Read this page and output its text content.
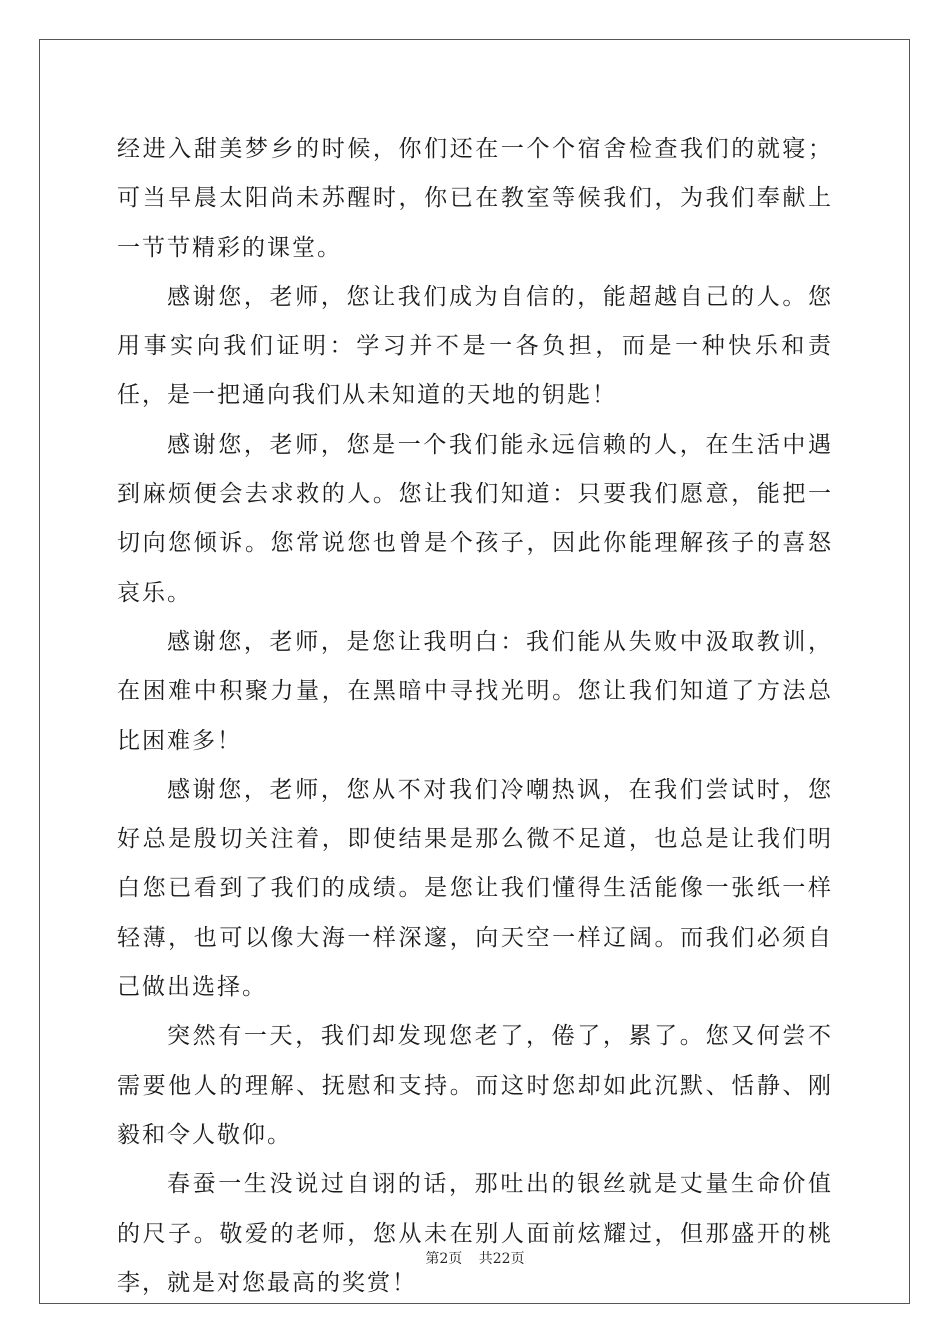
经进入甜美梦乡的时候，你们还在一个个宿舍检查我们的就寝；可当早晨太阳尚未苏醒时，你已在教室等候我们，为我们奉献上一节节精彩的课堂。

感谢您，老师，您让我们成为自信的，能超越自己的人。您用事实向我们证明：学习并不是一各负担，而是一种快乐和责任，是一把通向我们从未知道的天地的钥匙！

感谢您，老师，您是一个我们能永远信赖的人，在生活中遇到麻烦便会去求救的人。您让我们知道：只要我们愿意，能把一切向您倾诉。您常说您也曾是个孩子，因此你能理解孩子的喜怒哀乐。

感谢您，老师，是您让我明白：我们能从失败中汲取教训，在困难中积聚力量，在黑暗中寻找光明。您让我们知道了方法总比困难多！

感谢您，老师，您从不对我们冷嘲热讽，在我们尝试时，您好总是殷切关注着，即使结果是那么微不足道，也总是让我们明白您已看到了我们的成绩。是您让我们懂得生活能像一张纸一样轻薄，也可以像大海一样深邃，向天空一样辽阔。而我们必须自己做出选择。

突然有一天，我们却发现您老了，倦了，累了。您又何尝不需要他人的理解、抚慰和支持。而这时您却如此沉默、恬静、刚毅和令人敬仰。

春蚕一生没说过自诩的话，那吐出的银丝就是丈量生命价值的尺子。敬爱的老师，您从未在别人面前炫耀过，但那盛开的桃李，就是对您最高的奖赏！

第2页 共22页
